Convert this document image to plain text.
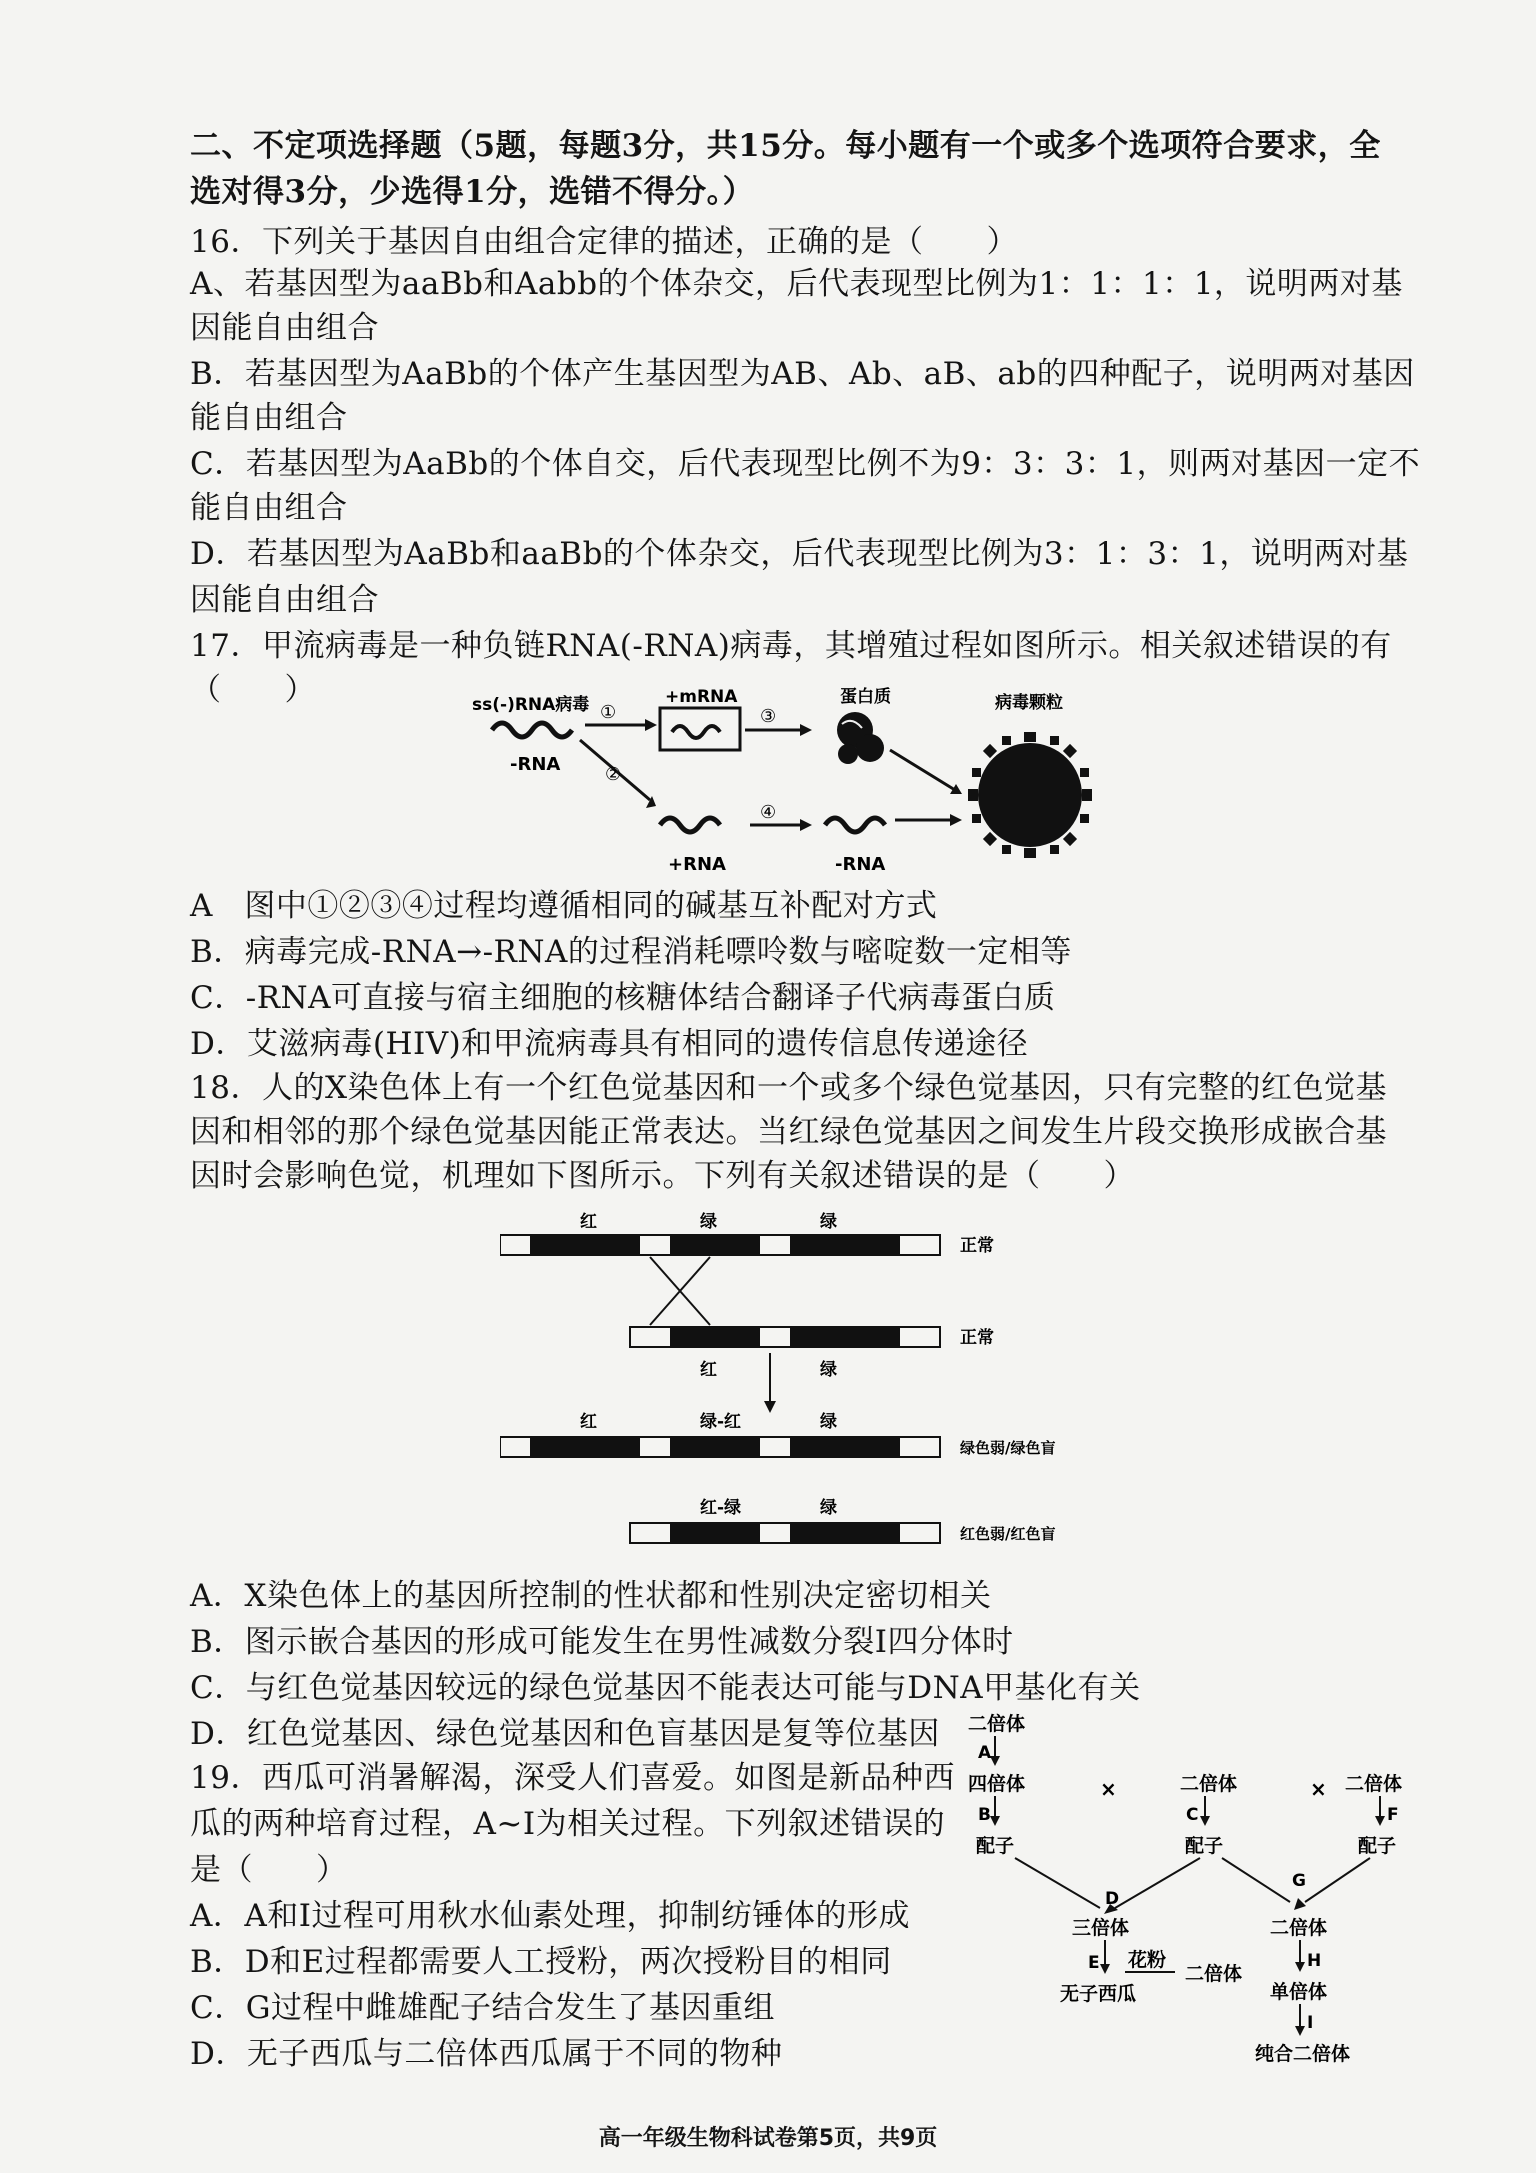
二、不定项选择题（5题，每题3分，共15分。每小题有一个或多个选项符合要求，全
选对得3分，少选得1分，选错不得分。）
16．下列关于基因自由组合定律的描述，正确的是（　　）
A、若基因型为aaBb和Aabb的个体杂交，后代表现型比例为1：1：1：1，说明两对基
因能自由组合
B．若基因型为AaBb的个体产生基因型为AB、Ab、aB、ab的四种配子，说明两对基因
能自由组合
C．若基因型为AaBb的个体自交，后代表现型比例不为9：3：3：1，则两对基因一定不
能自由组合
D．若基因型为AaBb和aaBb的个体杂交，后代表现型比例为3：1：3：1，说明两对基
因能自由组合
17．甲流病毒是一种负链RNA(-RNA)病毒，其增殖过程如图所示。相关叙述错误的有
（　　）	ss(-)RNA病毒
-RNA
①
②
+mRNA
③
蛋白质	病毒颗粒
+RNA
④
-RNA
A　图中①②③④过程均遵循相同的碱基互补配对方式
B．病毒完成-RNA→-RNA的过程消耗嘌呤数与嘧啶数一定相等
C．-RNA可直接与宿主细胞的核糖体结合翻译子代病毒蛋白质
D．艾滋病毒(HIV)和甲流病毒具有相同的遗传信息传递途径
18．人的X染色体上有一个红色觉基因和一个或多个绿色觉基因，只有完整的红色觉基
因和相邻的那个绿色觉基因能正常表达。当红绿色觉基因之间发生片段交换形成嵌合基
因时会影响色觉，机理如下图所示。下列有关叙述错误的是（　　）
红	绿	绿
正常
正常
红	绿
红	绿-红	绿
绿色弱/绿色盲
红-绿	绿
红色弱/红色盲
A．X染色体上的基因所控制的性状都和性别决定密切相关
B．图示嵌合基因的形成可能发生在男性减数分裂I四分体时
C．与红色觉基因较远的绿色觉基因不能表达可能与DNA甲基化有关
D．红色觉基因、绿色觉基因和色盲基因是复等位基因
19．西瓜可消暑解渴，深受人们喜爱。如图是新品种西
瓜的两种培育过程，A~I为相关过程。下列叙述错误的
是（　　）
A．A和I过程可用秋水仙素处理，抑制纺锤体的形成
B．D和E过程都需要人工授粉，两次授粉目的相同
C．G过程中雌雄配子结合发生了基因重组
D．无子西瓜与二倍体西瓜属于不同的物种
二倍体
A
四倍体
B
配子
×	二倍体
C
配子
× 二倍体
F
配子
D
三倍体
E 花粉
二倍体
无子西瓜
G
二倍体
H
单倍体
I
纯合二倍体
高一年级生物科试卷第5页，共9页
